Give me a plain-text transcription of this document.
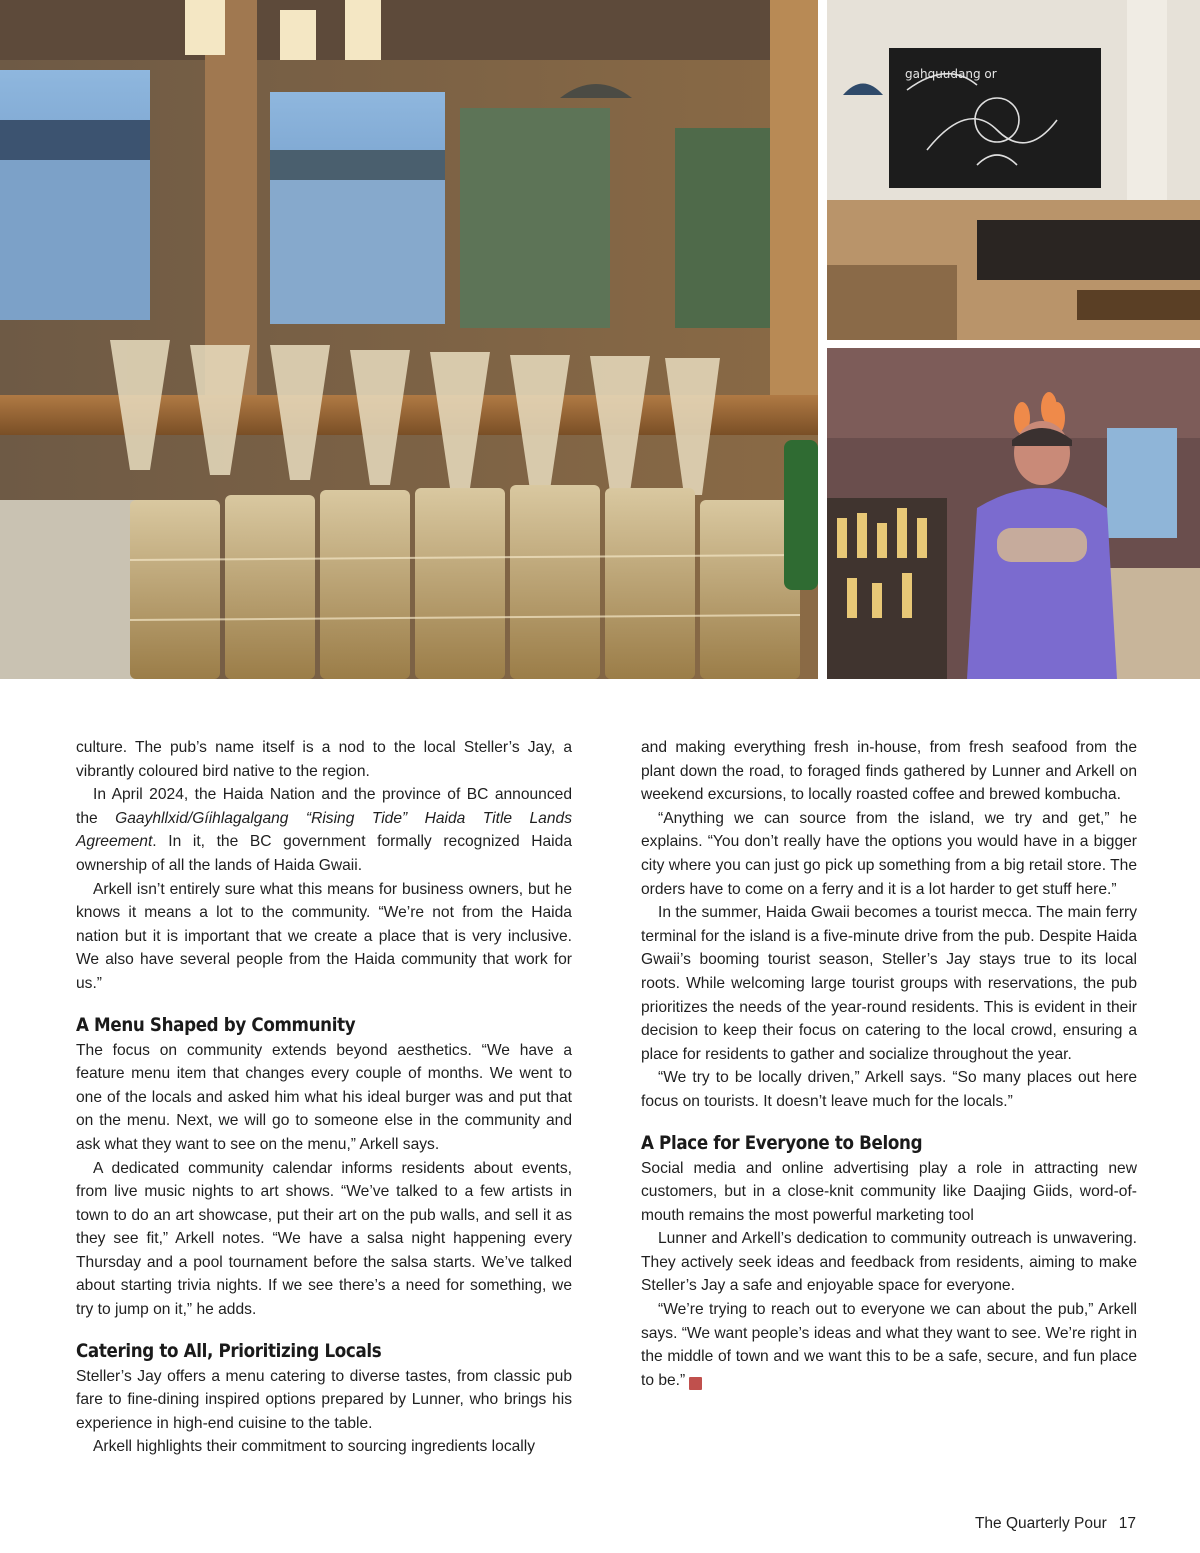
gahquudang or

culture. The pub’s name itself is a nod to the local Steller’s Jay, a vibrantly coloured bird native to the region.

In April 2024, the Haida Nation and the province of BC announced the Gaayhllxid/Gíihlagalgang “Rising Tide” Haida Title Lands Agreement. In it, the BC government formally recognized Haida ownership of all the lands of Haida Gwaii.

Arkell isn’t entirely sure what this means for business owners, but he knows it means a lot to the community. “We’re not from the Haida nation but it is important that we create a place that is very inclusive. We also have several people from the Haida community that work for us.”

A Menu Shaped by Community

The focus on community extends beyond aesthetics. “We have a feature menu item that changes every couple of months. We went to one of the locals and asked him what his ideal burger was and put that on the menu. Next, we will go to someone else in the community and ask what they want to see on the menu,” Arkell says.

A dedicated community calendar informs residents about events, from live music nights to art shows. “We’ve talked to a few artists in town to do an art showcase, put their art on the pub walls, and sell it as they see fit,” Arkell notes. “We have a salsa night happening every Thursday and a pool tournament before the salsa starts. We’ve talked about starting trivia nights. If we see there’s a need for something, we try to jump on it,” he adds.

Catering to All, Prioritizing Locals

Steller’s Jay offers a menu catering to diverse tastes, from classic pub fare to fine-dining inspired options prepared by Lunner, who brings his experience in high-end cuisine to the table.

Arkell highlights their commitment to sourcing ingredients locally

and making everything fresh in-house, from fresh seafood from the plant down the road, to foraged finds gathered by Lunner and Arkell on weekend excursions, to locally roasted coffee and brewed kombucha.

“Anything we can source from the island, we try and get,” he explains. “You don’t really have the options you would have in a bigger city where you can just go pick up something from a big retail store. The orders have to come on a ferry and it is a lot harder to get stuff here.”

In the summer, Haida Gwaii becomes a tourist mecca. The main ferry terminal for the island is a five-minute drive from the pub. Despite Haida Gwaii’s booming tourist season, Steller’s Jay stays true to its local roots. While welcoming large tourist groups with reservations, the pub prioritizes the needs of the year-round residents. This is evident in their decision to keep their focus on catering to the local crowd, ensuring a place for residents to gather and socialize throughout the year.

“We try to be locally driven,” Arkell says. “So many places out here focus on tourists. It doesn’t leave much for the locals.”

A Place for Everyone to Belong

Social media and online advertising play a role in attracting new customers, but in a close-knit community like Daajing Giids, word-of-mouth remains the most powerful marketing tool

Lunner and Arkell’s dedication to community outreach is unwavering. They actively seek ideas and feedback from residents, aiming to make Steller’s Jay a safe and enjoyable space for everyone.

“We’re trying to reach out to everyone we can about the pub,” Arkell says. “We want people’s ideas and what they want to see. We’re right in the middle of town and we want this to be a safe, secure, and fun place to be.” P

The Quarterly Pour 17
